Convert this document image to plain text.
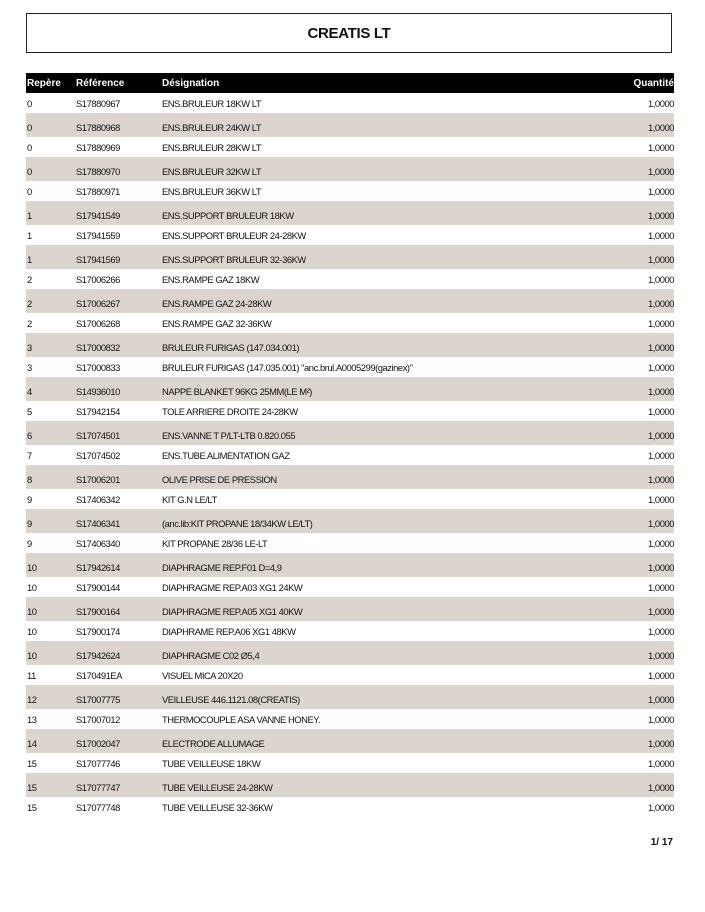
CREATIS LT
Repère	Référence	Désignation	Quantité
0	S17880967	ENS.BRULEUR 18KW LT	1,0000
0	S17880968	ENS.BRULEUR 24KW LT	1,0000
0	S17880969	ENS.BRULEUR 28KW LT	1,0000
0	S17880970	ENS.BRULEUR 32KW LT	1,0000
0	S17880971	ENS.BRULEUR 36KW LT	1,0000
1	S17941549	ENS.SUPPORT BRULEUR 18KW	1,0000
1	S17941559	ENS.SUPPORT BRULEUR 24-28KW	1,0000
1	S17941569	ENS.SUPPORT BRULEUR 32-36KW	1,0000
2	S17006266	ENS.RAMPE GAZ 18KW	1,0000
2	S17006267	ENS.RAMPE GAZ 24-28KW	1,0000
2	S17006268	ENS.RAMPE GAZ 32-36KW	1,0000
3	S17000832	BRULEUR FURIGAS (147.034.001)	1,0000
3	S17000833	BRULEUR FURIGAS (147.035.001) "anc.brul.A0005299(gazinex)"	1,0000
4	S14936010	NAPPE BLANKET 96KG 25MM(LE M²)	1,0000
5	S17942154	TOLE ARRIERE DROITE 24-28KW	1,0000
6	S17074501	ENS.VANNE T P/LT-LTB 0.820.055	1,0000
7	S17074502	ENS.TUBE ALIMENTATION GAZ	1,0000
8	S17006201	OLIVE PRISE DE PRESSION	1,0000
9	S17406342	KIT G.N LE/LT	1,0000
9	S17406341	(anc.lib:KIT PROPANE 18/34KW LE/LT)	1,0000
9	S17406340	KIT PROPANE 28/36 LE-LT	1,0000
10	S17942614	DIAPHRAGME REP.F01 D=4,9	1,0000
10	S17900144	DIAPHRAGME REP.A03 XG1 24KW	1,0000
10	S17900164	DIAPHRAGME REP.A05 XG1 40KW	1,0000
10	S17900174	DIAPHRAME REP.A06 XG1 48KW	1,0000
10	S17942624	DIAPHRAGME C02 Ø5,4	1,0000
11	S170491EA	VISUEL MICA 20X20	1,0000
12	S17007775	VEILLEUSE 446.1121.08(CREATIS)	1,0000
13	S17007012	THERMOCOUPLE ASA VANNE HONEY.	1,0000
14	S17002047	ELECTRODE ALLUMAGE	1,0000
15	S17077746	TUBE VEILLEUSE 18KW	1,0000
15	S17077747	TUBE VEILLEUSE 24-28KW	1,0000
15	S17077748	TUBE VEILLEUSE 32-36KW	1,0000
1/ 17
